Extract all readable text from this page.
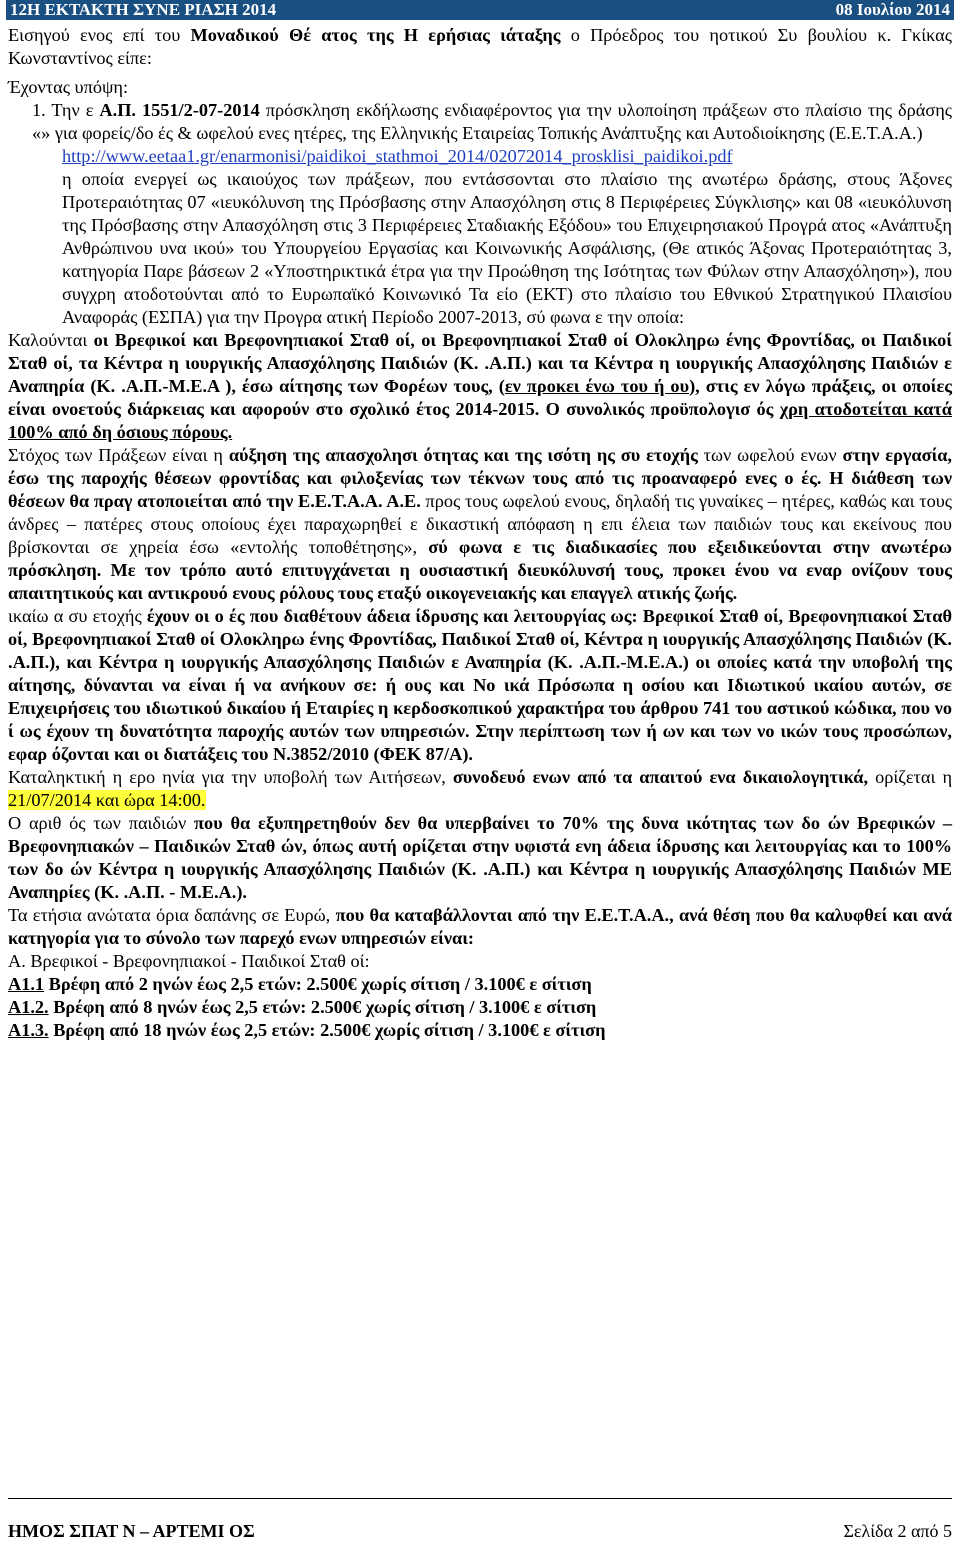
12Η ΕΚΤΑΚΤΗ ΣΥΝΕ ΡΙΑΣΗ 2014	08 Ιουλίου 2014

Εισηγού ενος επί του Μοναδικού Θέ ατος της Η ερήσιας ιάταξης ο Πρόεδρος του ηοτικού Συ βουλίου κ. Γκίκας Κωνσταντίνος είπε:

Έχοντας υπόψη:

1. Την ε Α.Π. 1551/2-07-2014 πρόσκληση εκδήλωσης ενδιαφέροντος για την υλοποίηση πράξεων στο πλαίσιο της δράσης «» για φορείς/δο ές & ωφελού ενες ητέρες, της Ελληνικής Εταιρείας Τοπικής Ανάπτυξης και Αυτοδιοίκησης (Ε.Ε.Τ.Α.Α.)

http://www.eetaa1.gr/enarmonisi/paidikoi_stathmoi_2014/02072014_prosklisi_paidikoi.pdf

η οποία ενεργεί ως ικαιούχος των πράξεων, που εντάσσονται στο πλαίσιο της ανωτέρω δράσης, στους Άξονες Προτεραιότητας 07 «ιευκόλυνση της Πρόσβασης στην Απασχόληση στις 8 Περιφέρειες Σύγκλισης» και 08 «ιευκόλυνση της Πρόσβασης στην Απασχόληση στις 3 Περιφέρειες Σταδιακής Εξόδου» του Επιχειρησιακού Προγρά ατος «Ανάπτυξη Ανθρώπινου υνα ικού» του Υπουργείου Εργασίας και Κοινωνικής Ασφάλισης, (Θε ατικός Άξονας Προτεραιότητας 3, κατηγορία Παρε βάσεων 2 «Υποστηρικτικά έτρα για την Προώθηση της Ισότητας των Φύλων στην Απασχόληση»), που συγχρη ατοδοτούνται από το Ευρωπαϊκό Κοινωνικό Τα είο (ΕΚΤ) στο πλαίσιο του Εθνικού Στρατηγικού Πλαισίου Αναφοράς (ΕΣΠΑ) για την Προγρα ατική Περίοδο 2007-2013, σύ φωνα ε την οποία:

Καλούνται οι Βρεφικοί και Βρεφονηπιακοί Σταθ οί, οι Βρεφονηπιακοί Σταθ οί Ολοκληρω ένης Φροντίδας, οι Παιδικοί Σταθ οί, τα Κέντρα η ιουργικής Απασχόλησης Παιδιών (Κ. .Α.Π.) και τα Κέντρα η ιουργικής Απασχόλησης Παιδιών ε Αναπηρία (Κ. .Α.Π.-Μ.Ε.Α ), έσω αίτησης των Φορέων τους, (εν προκει ένω του ή ου), στις εν λόγω πράξεις, οι οποίες είναι ονοετούς διάρκειας και αφορούν στο σχολικό έτος 2014-2015. Ο συνολικός προϋπολογισ ός χρη ατοδοτείται κατά 100% από δη όσιους πόρους.

Στόχος των Πράξεων είναι η αύξηση της απασχολησι ότητας και της ισότη ης συ ετοχής των ωφελού ενων στην εργασία, έσω της παροχής θέσεων φροντίδας και φιλοξενίας των τέκνων τους από τις προαναφερό ενες ο ές. Η διάθεση των θέσεων θα πραγ ατοποιείται από την Ε.Ε.Τ.Α.Α. Α.Ε. προς τους ωφελού ενους, δηλαδή τις γυναίκες – ητέρες, καθώς και τους άνδρες – πατέρες στους οποίους έχει παραχωρηθεί ε δικαστική απόφαση η επι έλεια των παιδιών τους και εκείνους που βρίσκονται σε χηρεία έσω «εντολής τοποθέτησης», σύ φωνα ε τις διαδικασίες που εξειδικεύονται στην ανωτέρω πρόσκληση. Με τον τρόπο αυτό επιτυγχάνεται η ουσιαστική διευκόλυνσή τους, προκει ένου να εναρ ονίζουν τους απαιτητικούς και αντικρουό ενους ρόλους τους εταξύ οικογενειακής και επαγγελ ατικής ζωής.

ικαίω α συ ετοχής έχουν οι ο ές που διαθέτουν άδεια ίδρυσης και λειτουργίας ως: Βρεφικοί Σταθ οί, Βρεφονηπιακοί Σταθ οί, Βρεφονηπιακοί Σταθ οί Ολοκληρω ένης Φροντίδας, Παιδικοί Σταθ οί, Κέντρα η ιουργικής Απασχόλησης Παιδιών (Κ. .Α.Π.), και Κέντρα η ιουργικής Απασχόλησης Παιδιών ε Αναπηρία (Κ. .Α.Π.-Μ.Ε.Α.) οι οποίες κατά την υποβολή της αίτησης, δύνανται να είναι ή να ανήκουν σε: ή ους και Νο ικά Πρόσωπα η οσίου και Ιδιωτικού ικαίου αυτών, σε Επιχειρήσεις του ιδιωτικού δικαίου ή Εταιρίες η κερδοσκοπικού χαρακτήρα του άρθρου 741 του αστικού κώδικα, που νο ί ως έχουν τη δυνατότητα παροχής αυτών των υπηρεσιών. Στην περίπτωση των ή ων και των νο ικών τους προσώπων, εφαρ όζονται και οι διατάξεις του Ν.3852/2010 (ΦΕΚ 87/Α).

Καταληκτική η ερο ηνία για την υποβολή των Αιτήσεων, συνοδευό ενων από τα απαιτού ενα δικαιολογητικά, ορίζεται η 21/07/2014 και ώρα 14:00.

Ο αριθ ός των παιδιών που θα εξυπηρετηθούν δεν θα υπερβαίνει το 70% της δυνα ικότητας των δο ών Βρεφικών – Βρεφονηπιακών – Παιδικών Σταθ ών, όπως αυτή ορίζεται στην υφιστά ενη άδεια ίδρυσης και λειτουργίας και το 100% των δο ών Κέντρα η ιουργικής Απασχόλησης Παιδιών (Κ. .Α.Π.) και Κέντρα η ιουργικής Απασχόλησης Παιδιών ΜΕ Αναπηρίες (Κ. .Α.Π. - Μ.Ε.Α.).

Τα ετήσια ανώτατα όρια δαπάνης σε Ευρώ, που θα καταβάλλονται από την Ε.Ε.Τ.Α.Α., ανά θέση που θα καλυφθεί και ανά κατηγορία για το σύνολο των παρεχό ενων υπηρεσιών είναι:

Α. Βρεφικοί - Βρεφονηπιακοί - Παιδικοί Σταθ οί:

Α1.1 Βρέφη από 2 ηνών έως 2,5 ετών: 2.500€ χωρίς σίτιση / 3.100€ ε σίτιση

Α1.2. Βρέφη από 8 ηνών έως 2,5 ετών: 2.500€ χωρίς σίτιση / 3.100€ ε σίτιση

Α1.3. Βρέφη από 18 ηνών έως 2,5 ετών: 2.500€ χωρίς σίτιση / 3.100€ ε σίτιση

ΗΜΟΣ ΣΠΑΤ Ν – ΑΡΤΕΜΙ ΟΣ	Σελίδα 2 από 5
